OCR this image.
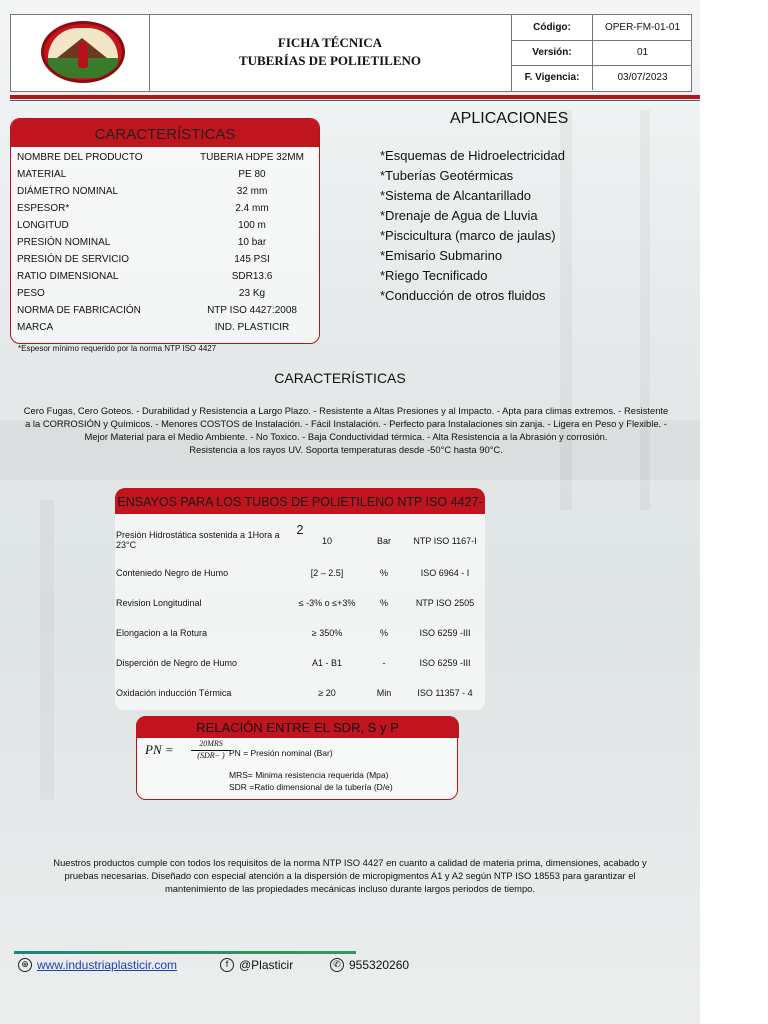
FICHA TÉCNICA
TUBERÍAS DE POLIETILENO
Código:	OPER-FM-01-01
Versión:	01
F. Vigencia:	03/07/2023
CARACTERÍSTICAS
NOMBRE DEL PRODUCTO	TUBERIA HDPE 32MM
MATERIAL	PE 80
DIÁMETRO NOMINAL	32 mm
ESPESOR*	2.4 mm
LONGITUD	100 m
PRESIÓN NOMINAL	10 bar
PRESIÓN DE SERVICIO	145 PSI
RATIO DIMENSIONAL	SDR13.6
PESO	23 Kg
NORMA DE FABRICACIÓN	NTP ISO 4427:2008
MARCA	IND. PLASTICIR
*Espesor mínimo requerido por la norma NTP ISO 4427
APLICACIONES
*Esquemas de Hidroelectricidad
*Tuberías Geotérmicas
*Sistema de Alcantarillado
*Drenaje de Agua de Lluvia
*Piscicultura (marco de jaulas)
*Emisario Submarino
*Riego Tecnificado
*Conducción de otros fluidos
CARACTERÍSTICAS
Cero Fugas, Cero Goteos. - Durabilidad y Resistencia a Largo Plazo. - Resistente a Altas Presiones y al Impacto. - Apta para climas extremos. - Resistente
a la CORROSIÓN y Químicos. - Menores COSTOS de Instalación. - Fácil Instalación. - Perfecto para Instalaciones sin zanja. - Ligera en Peso y Flexible. -
Mejor Material para el Medio Ambiente. - No Toxico. - Baja Conductividad térmica. - Alta Resistencia a la Abrasión y corrosión.
Resistencia a los rayos UV. Soporta temperaturas desde -50°C hasta 90°C.
ENSAYOS PARA LOS TUBOS DE POLIETILENO NTP ISO 4427-2
Presión Hidrostática sostenida a 1Hora a 23°C	10	Bar	NTP ISO 1167-I
Conteniedo Negro de Humo	[2 – 2.5]	%	ISO 6964 - I
Revision Longitudinal	≤ -3% o ≤+3%	%	NTP ISO 2505
Elongacion a la Rotura	≥ 350%	%	ISO 6259 -III
Disperción de Negro de Humo	A1 - B1	-	ISO 6259 -III
Oxidación inducción Térmica	≥ 20	Min	ISO 11357 - 4
RELACIÓN ENTRE EL SDR, S y P
PN =	20MRS
(SDR− ) PN = Presión nominal (Bar)
MRS= Minima resistencia requerida (Mpa)
SDR =Ratio dimensional de la tubería (D/e)
Nuestros productos cumple con todos los requisitos de la norma NTP ISO 4427 en cuanto a calidad de materia prima, dimensiones, acabado y
pruebas necesarias. Diseñado con especial atención a la dispersión de micropigmentos A1 y A2 según NTP ISO 18553 para garantizar el
mantenimiento de las propiedades mecánicas incluso durante largos periodos de tiempo.
⊕ www.industriaplasticir.com	f @Plasticir	✆ 955320260
